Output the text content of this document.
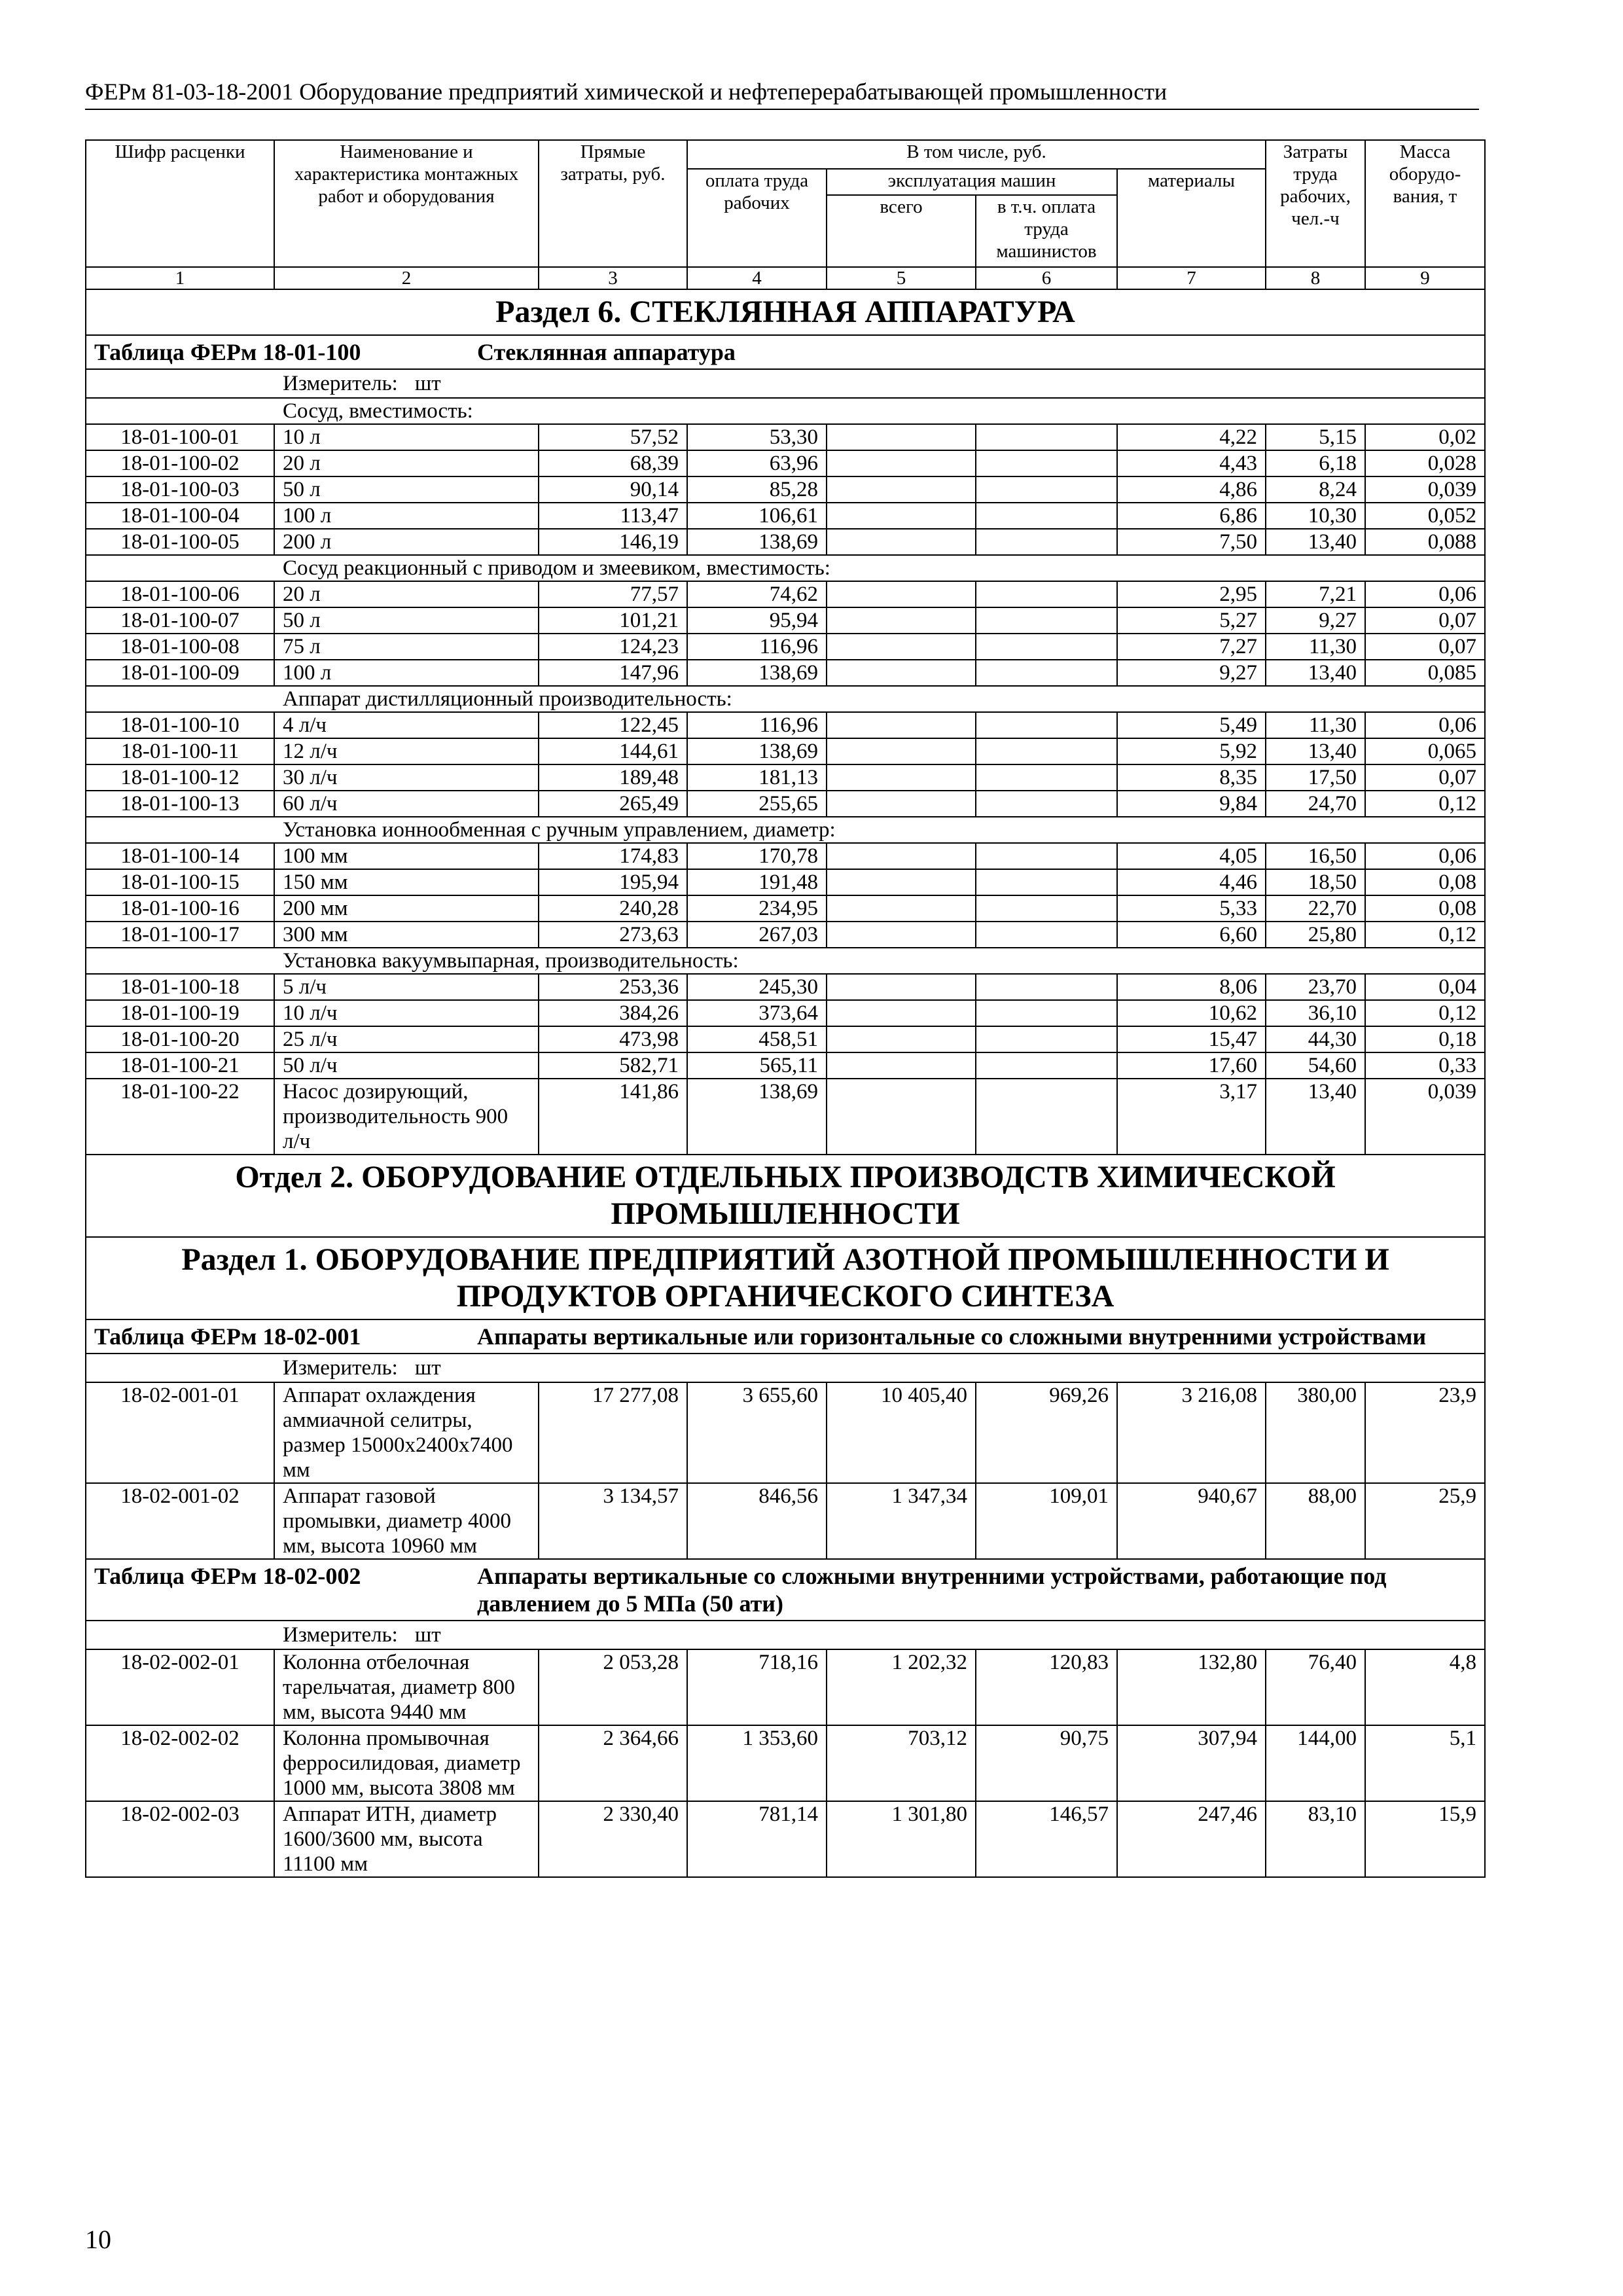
ФЕРм 81-03-18-2001 Оборудование предприятий химической и нефтеперерабатывающей промышленности
Шифр расценки	Наименование и характеристика монтажных работ и оборудования	Прямые затраты, руб.	В том числе, руб.				Затраты труда рабочих, чел.-ч	Масса оборудо-вания, т
			оплата труда рабочих	эксплуатация машин		материалы		
				всего	в т.ч. оплата труда машинистов			
1	2	3	4	5	6	7	8	9
Раздел 6. СТЕКЛЯННАЯ АППАРАТУРА								
Таблица ФЕРм 18-01-100 Стеклянная аппаратура								
Измеритель: шт								
Сосуд, вместимость:								
18-01-100-01	10 л	57,52	53,30			4,22	5,15	0,02
18-01-100-02	20 л	68,39	63,96			4,43	6,18	0,028
18-01-100-03	50 л	90,14	85,28			4,86	8,24	0,039
18-01-100-04	100 л	113,47	106,61			6,86	10,30	0,052
18-01-100-05	200 л	146,19	138,69			7,50	13,40	0,088
Сосуд реакционный с приводом и змеевиком, вместимость:								
18-01-100-06	20 л	77,57	74,62			2,95	7,21	0,06
18-01-100-07	50 л	101,21	95,94			5,27	9,27	0,07
18-01-100-08	75 л	124,23	116,96			7,27	11,30	0,07
18-01-100-09	100 л	147,96	138,69			9,27	13,40	0,085
Аппарат дистилляционный производительность:								
18-01-100-10	4 л/ч	122,45	116,96			5,49	11,30	0,06
18-01-100-11	12 л/ч	144,61	138,69			5,92	13,40	0,065
18-01-100-12	30 л/ч	189,48	181,13			8,35	17,50	0,07
18-01-100-13	60 л/ч	265,49	255,65			9,84	24,70	0,12
Установка ионнообменная с ручным управлением, диаметр:								
18-01-100-14	100 мм	174,83	170,78			4,05	16,50	0,06
18-01-100-15	150 мм	195,94	191,48			4,46	18,50	0,08
18-01-100-16	200 мм	240,28	234,95			5,33	22,70	0,08
18-01-100-17	300 мм	273,63	267,03			6,60	25,80	0,12
Установка вакуумвыпарная, производительность:								
18-01-100-18	5 л/ч	253,36	245,30			8,06	23,70	0,04
18-01-100-19	10 л/ч	384,26	373,64			10,62	36,10	0,12
18-01-100-20	25 л/ч	473,98	458,51			15,47	44,30	0,18
18-01-100-21	50 л/ч	582,71	565,11			17,60	54,60	0,33
18-01-100-22	Насос дозирующий, производительность 900 л/ч	141,86	138,69			3,17	13,40	0,039
Отдел 2. ОБОРУДОВАНИЕ ОТДЕЛЬНЫХ ПРОИЗВОДСТВ ХИМИЧЕСКОЙ ПРОМЫШЛЕННОСТИ								
Раздел 1. ОБОРУДОВАНИЕ ПРЕДПРИЯТИЙ АЗОТНОЙ ПРОМЫШЛЕННОСТИ И ПРОДУКТОВ ОРГАНИЧЕСКОГО СИНТЕЗА								
Таблица ФЕРм 18-02-001 Аппараты вертикальные или горизонтальные со сложными внутренними устройствами								
Измеритель: шт								
18-02-001-01	Аппарат охлаждения аммиачной селитры, размер 15000x2400x7400 мм	17 277,08	3 655,60	10 405,40	969,26	3 216,08	380,00	23,9
18-02-001-02	Аппарат газовой промывки, диаметр 4000 мм, высота 10960 мм	3 134,57	846,56	1 347,34	109,01	940,67	88,00	25,9
Таблица ФЕРм 18-02-002 Аппараты вертикальные со сложными внутренними устройствами, работающие под давлением до 5 МПа (50 ати)								
Измеритель: шт								
18-02-002-01	Колонна отбелочная тарельчатая, диаметр 800 мм, высота 9440 мм	2 053,28	718,16	1 202,32	120,83	132,80	76,40	4,8
18-02-002-02	Колонна промывочная ферросилидовая, диаметр 1000 мм, высота 3808 мм	2 364,66	1 353,60	703,12	90,75	307,94	144,00	5,1
18-02-002-03	Аппарат ИТН, диаметр 1600/3600 мм, высота 11100 мм	2 330,40	781,14	1 301,80	146,57	247,46	83,10	15,9
10
